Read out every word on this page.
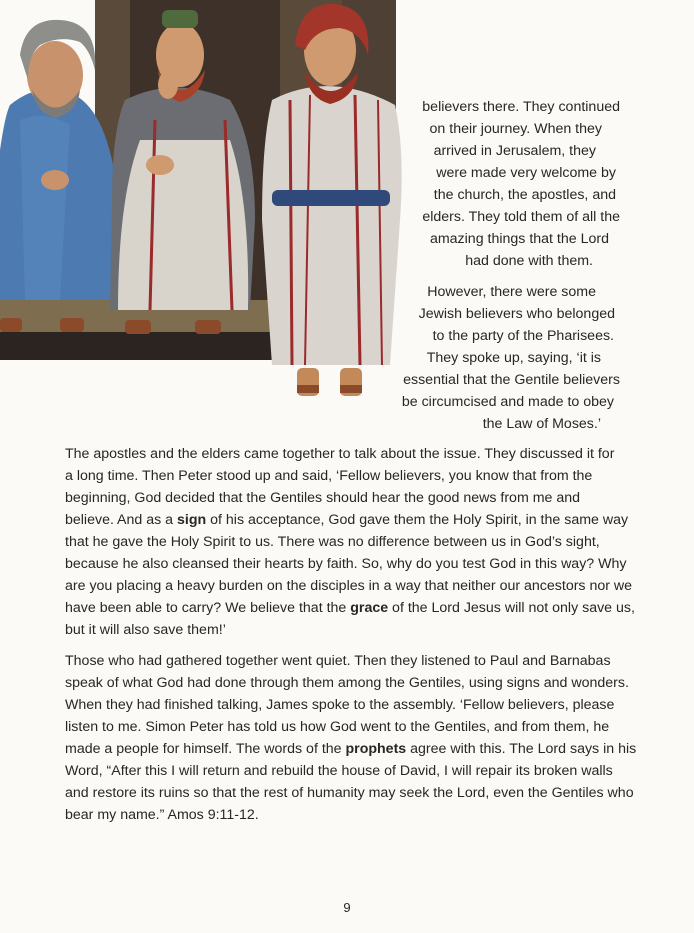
believers there. They continued
on their journey. When they
arrived in Jerusalem, they
were made very welcome by
the church, the apostles, and
elders. They told them of all the
amazing things that the Lord
had done with them.
However, there were some
Jewish believers who belonged
to the party of the Pharisees.
They spoke up, saying, ‘it is
essential that the Gentile believers
be circumcised and made to obey
the Law of Moses.’
The apostles and the elders came together to talk about the issue. They discussed it for
a long time. Then Peter stood up and said, ‘Fellow believers, you know that from the
beginning, God decided that the Gentiles should hear the good news from me and
believe. And as a sign of his acceptance, God gave them the Holy Spirit, in the same way
that he gave the Holy Spirit to us. There was no difference between us in God’s sight,
because he also cleansed their hearts by faith. So, why do you test God in this way? Why
are you placing a heavy burden on the disciples in a way that neither our ancestors nor we
have been able to carry? We believe that the grace of the Lord Jesus will not only save us,
but it will also save them!’
Those who had gathered together went quiet. Then they listened to Paul and Barnabas
speak of what God had done through them among the Gentiles, using signs and wonders.
When they had finished talking, James spoke to the assembly. ‘Fellow believers, please
listen to me. Simon Peter has told us how God went to the Gentiles, and from them, he
made a people for himself. The words of the prophets agree with this. The Lord says in his
Word, “After this I will return and rebuild the house of David, I will repair its broken walls
and restore its ruins so that the rest of humanity may seek the Lord, even the Gentiles who
bear my name.” Amos 9:11-12.
9
